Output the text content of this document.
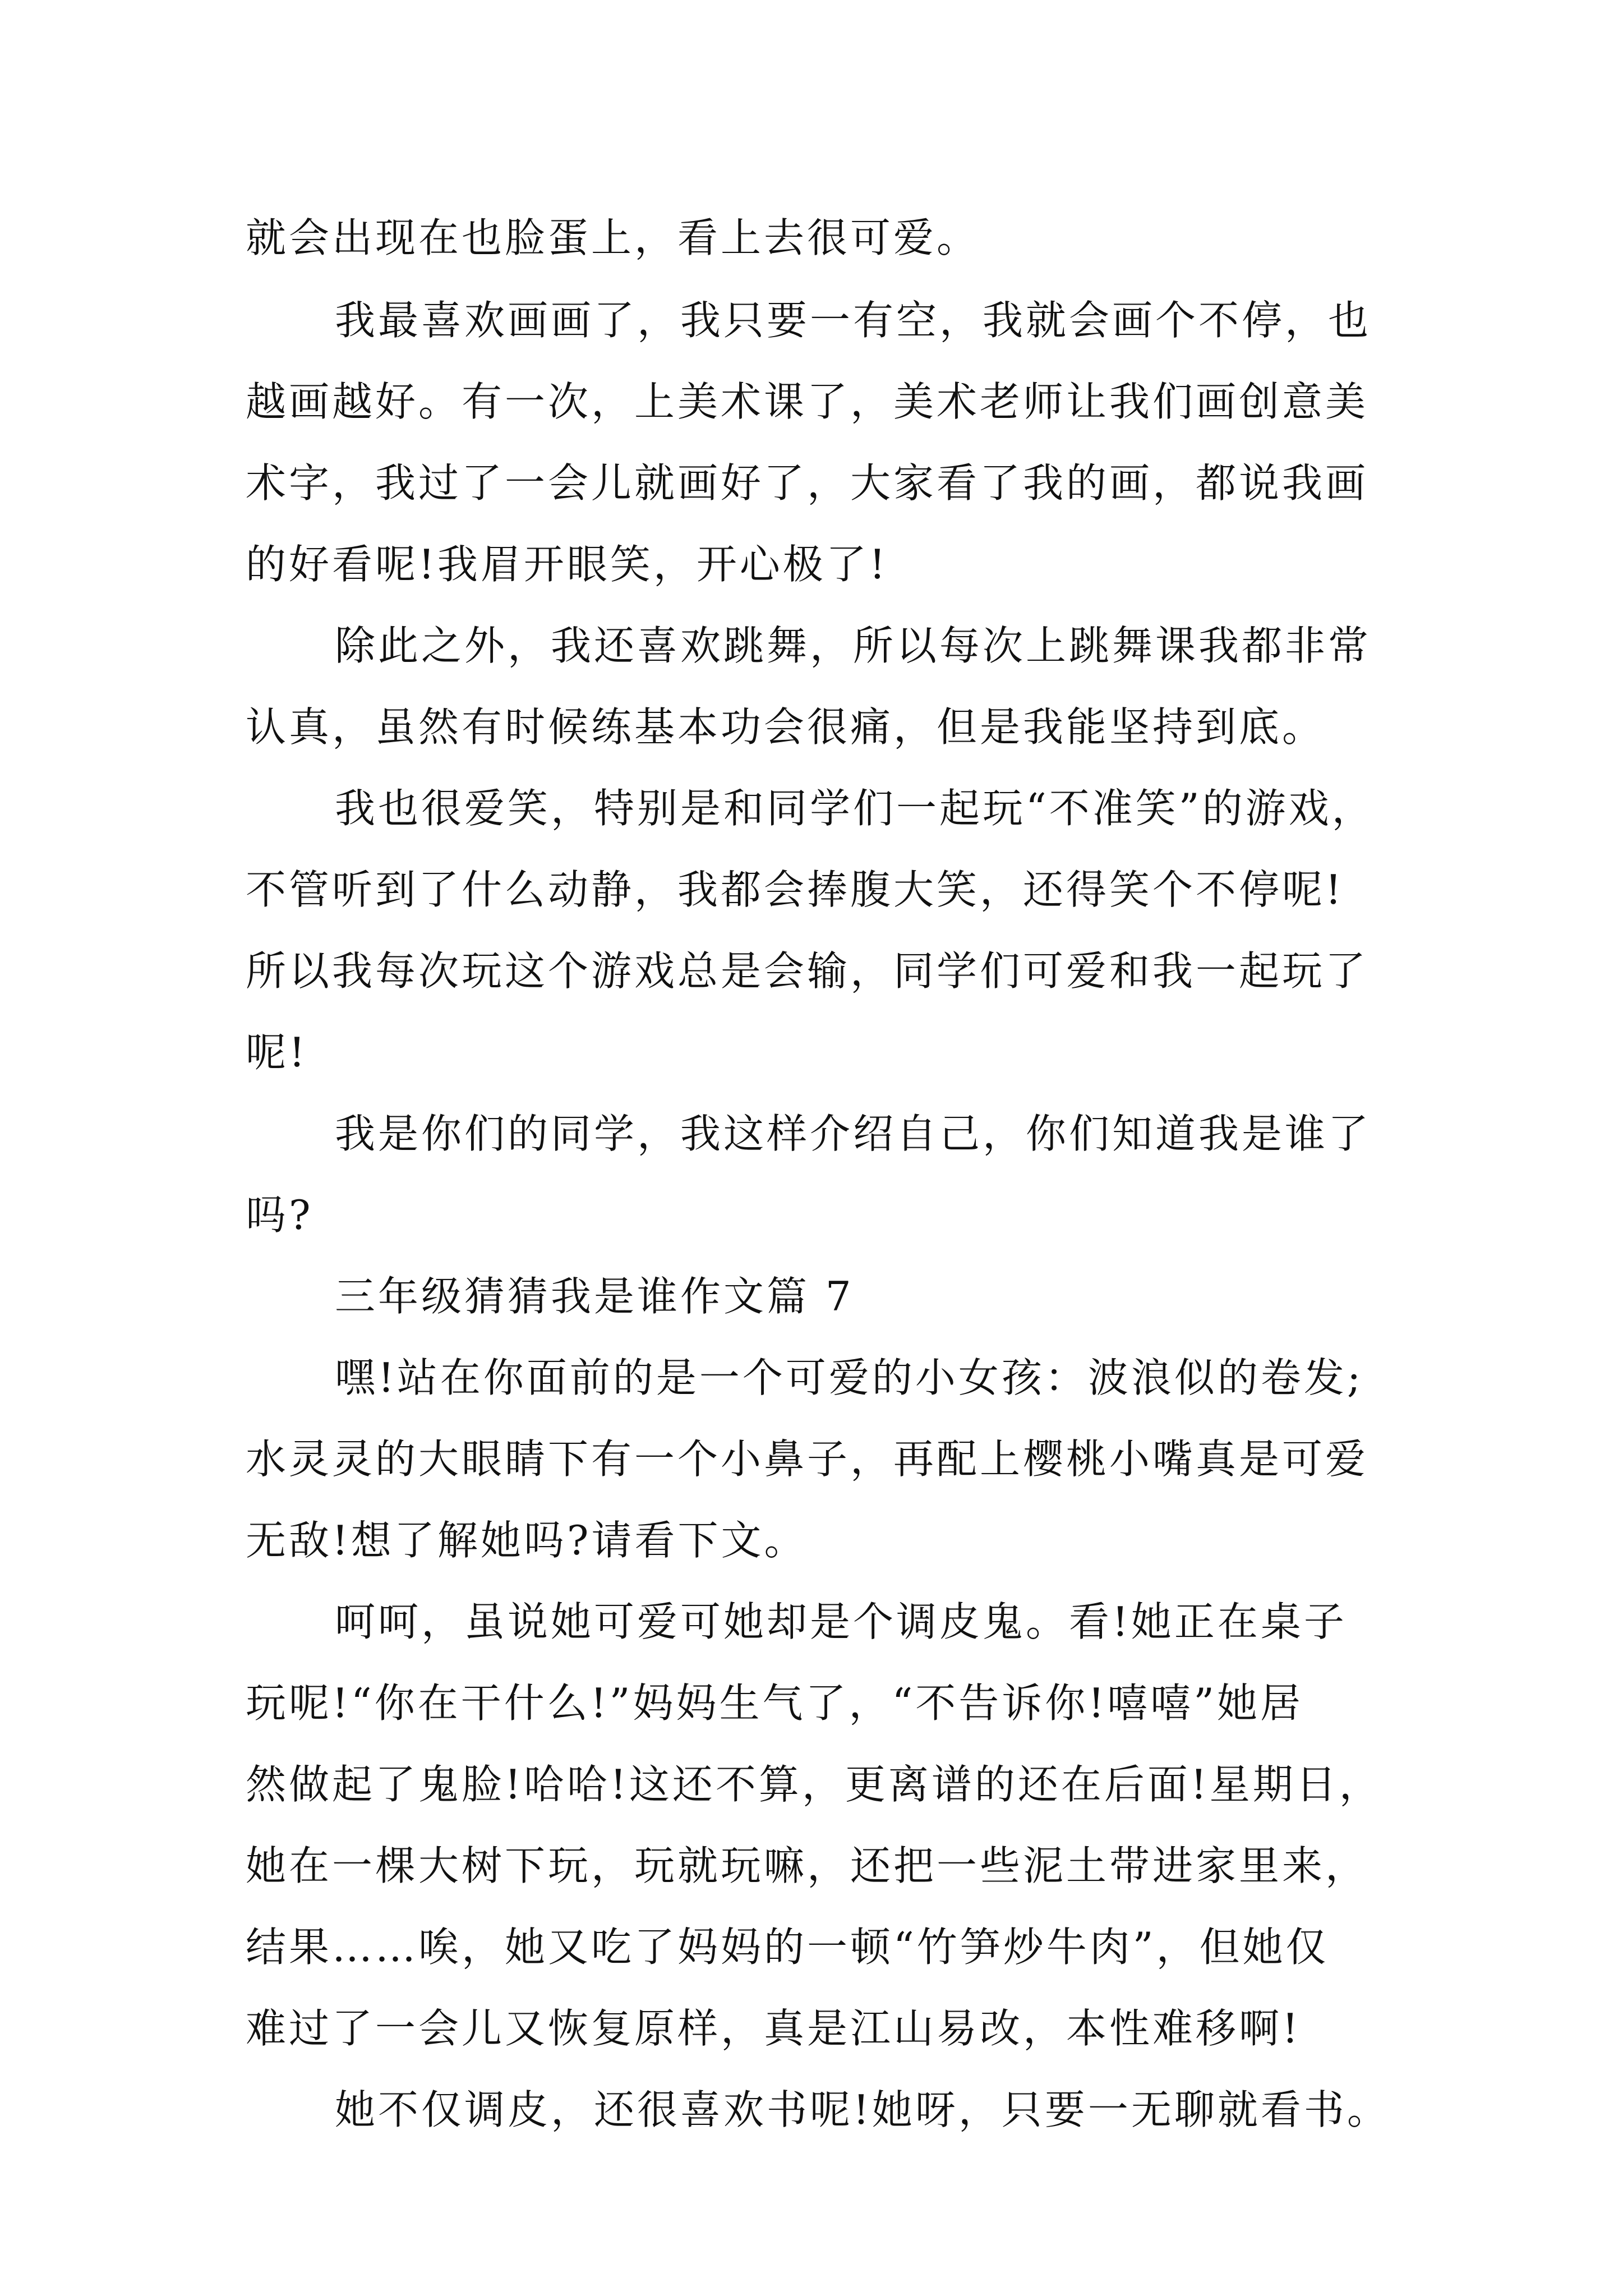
就会出现在也脸蛋上，看上去很可爱。
我最喜欢画画了，我只要一有空，我就会画个不停，也
越画越好。有一次，上美术课了，美术老师让我们画创意美
术字，我过了一会儿就画好了，大家看了我的画，都说我画
的好看呢!我眉开眼笑，开心极了!
除此之外，我还喜欢跳舞，所以每次上跳舞课我都非常
认真，虽然有时候练基本功会很痛，但是我能坚持到底。
我也很爱笑，特别是和同学们一起玩“不准笑”的游戏，
不管听到了什么动静，我都会捧腹大笑，还得笑个不停呢!
所以我每次玩这个游戏总是会输，同学们可爱和我一起玩了
呢!
我是你们的同学，我这样介绍自己，你们知道我是谁了
吗?
三年级猜猜我是谁作文篇 7
嘿!站在你面前的是一个可爱的小女孩：波浪似的卷发;
水灵灵的大眼睛下有一个小鼻子，再配上樱桃小嘴真是可爱
无敌!想了解她吗?请看下文。
呵呵，虽说她可爱可她却是个调皮鬼。看!她正在桌子
玩呢!“你在干什么!”妈妈生气了，“不告诉你!嘻嘻”她居
然做起了鬼脸!哈哈!这还不算，更离谱的还在后面!星期日，
她在一棵大树下玩，玩就玩嘛，还把一些泥土带进家里来，
结果……唉，她又吃了妈妈的一顿“竹笋炒牛肉”，但她仅
难过了一会儿又恢复原样，真是江山易改，本性难移啊!
她不仅调皮，还很喜欢书呢!她呀，只要一无聊就看书。
